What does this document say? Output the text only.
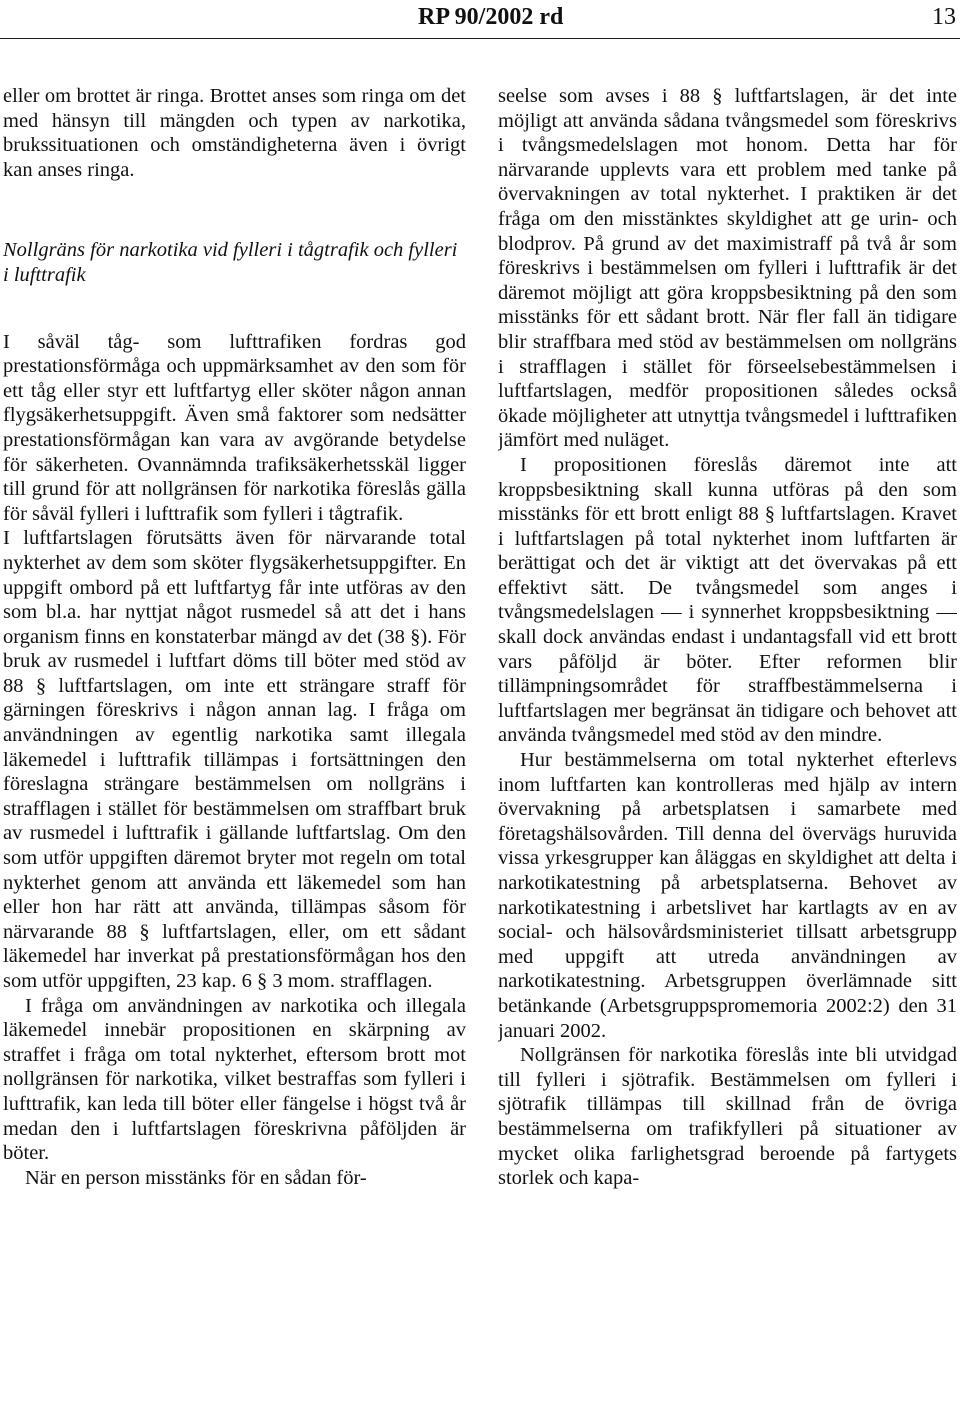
RP 90/2002 rd	13

eller om brottet är ringa. Brottet anses som ringa om det med hänsyn till mängden och typen av narkotika, brukssituationen och omständigheterna även i övrigt kan anses ringa.

Nollgräns för narkotika vid fylleri i tågtrafik och fylleri i lufttrafik

I såväl tåg- som lufttrafiken fordras god prestationsförmåga och uppmärksamhet av den som för ett tåg eller styr ett luftfartyg eller sköter någon annan flygsäkerhetsuppgift. Även små faktorer som nedsätter prestationsförmågan kan vara av avgörande betydelse för säkerheten. Ovannämnda trafiksäkerhetsskäl ligger till grund för att nollgränsen för narkotika föreslås gälla för såväl fylleri i lufttrafik som fylleri i tågtrafik.

I luftfartslagen förutsätts även för närvarande total nykterhet av dem som sköter flygsäkerhetsuppgifter. En uppgift ombord på ett luftfartyg får inte utföras av den som bl.a. har nyttjat något rusmedel så att det i hans organism finns en konstaterbar mängd av det (38 §). För bruk av rusmedel i luftfart döms till böter med stöd av 88 § luftfartslagen, om inte ett strängare straff för gärningen föreskrivs i någon annan lag. I fråga om användningen av egentlig narkotika samt illegala läkemedel i lufttrafik tillämpas i fortsättningen den föreslagna strängare bestämmelsen om nollgräns i strafflagen i stället för bestämmelsen om straffbart bruk av rusmedel i lufttrafik i gällande luftfartslag. Om den som utför uppgiften däremot bryter mot regeln om total nykterhet genom att använda ett läkemedel som han eller hon har rätt att använda, tillämpas såsom för närvarande 88 § luftfartslagen, eller, om ett sådant läkemedel har inverkat på prestationsförmågan hos den som utför uppgiften, 23 kap. 6 § 3 mom. strafflagen.

I fråga om användningen av narkotika och illegala läkemedel innebär propositionen en skärpning av straffet i fråga om total nykterhet, eftersom brott mot nollgränsen för narkotika, vilket bestraffas som fylleri i lufttrafik, kan leda till böter eller fängelse i högst två år medan den i luftfartslagen föreskrivna påföljden är böter.

När en person misstänks för en sådan för-

seelse som avses i 88 § luftfartslagen, är det inte möjligt att använda sådana tvångsmedel som föreskrivs i tvångsmedelslagen mot honom. Detta har för närvarande upplevts vara ett problem med tanke på övervakningen av total nykterhet. I praktiken är det fråga om den misstänktes skyldighet att ge urin- och blodprov. På grund av det maximistraff på två år som föreskrivs i bestämmelsen om fylleri i lufttrafik är det däremot möjligt att göra kroppsbesiktning på den som misstänks för ett sådant brott. När fler fall än tidigare blir straffbara med stöd av bestämmelsen om nollgräns i strafflagen i stället för förseelsebestämmelsen i luftfartslagen, medför propositionen således också ökade möjligheter att utnyttja tvångsmedel i lufttrafiken jämfört med nuläget.

I propositionen föreslås däremot inte att kroppsbesiktning skall kunna utföras på den som misstänks för ett brott enligt 88 § luftfartslagen. Kravet i luftfartslagen på total nykterhet inom luftfarten är berättigat och det är viktigt att det övervakas på ett effektivt sätt. De tvångsmedel som anges i tvångsmedelslagen — i synnerhet kroppsbesiktning — skall dock användas endast i undantagsfall vid ett brott vars påföljd är böter. Efter reformen blir tillämpningsområdet för straffbestämmelserna i luftfartslagen mer begränsat än tidigare och behovet att använda tvångsmedel med stöd av den mindre.

Hur bestämmelserna om total nykterhet efterlevs inom luftfarten kan kontrolleras med hjälp av intern övervakning på arbetsplatsen i samarbete med företagshälsovården. Till denna del övervägs huruvida vissa yrkesgrupper kan åläggas en skyldighet att delta i narkotikatestning på arbetsplatserna. Behovet av narkotikatestning i arbetslivet har kartlagts av en av social- och hälsovårdsministeriet tillsatt arbetsgrupp med uppgift att utreda användningen av narkotikatestning. Arbetsgruppen överlämnade sitt betänkande (Arbetsgruppspromemoria 2002:2) den 31 januari 2002.

Nollgränsen för narkotika föreslås inte bli utvidgad till fylleri i sjötrafik. Bestämmelsen om fylleri i sjötrafik tillämpas till skillnad från de övriga bestämmelserna om trafikfylleri på situationer av mycket olika farlighetsgrad beroende på fartygets storlek och kapa-
